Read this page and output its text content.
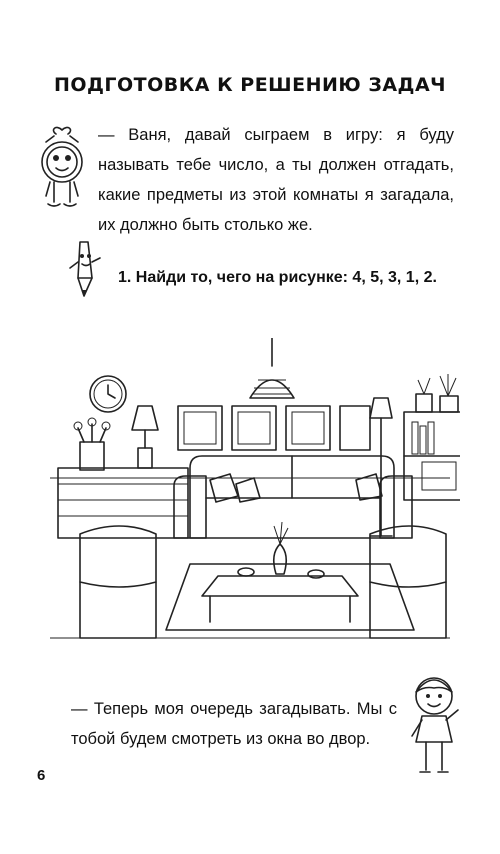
ПОДГОТОВКА К РЕШЕНИЮ ЗАДАЧ
— Ваня, давай сыграем в игру: я буду называть тебе число, а ты должен отгадать, какие предметы из этой комнаты я загадала, их должно быть столько же.
1. Найди то, чего на рисунке: 4, 5, 3, 1, 2.
— Теперь моя очередь загадывать. Мы с тобой будем смотреть из окна во двор.
6
